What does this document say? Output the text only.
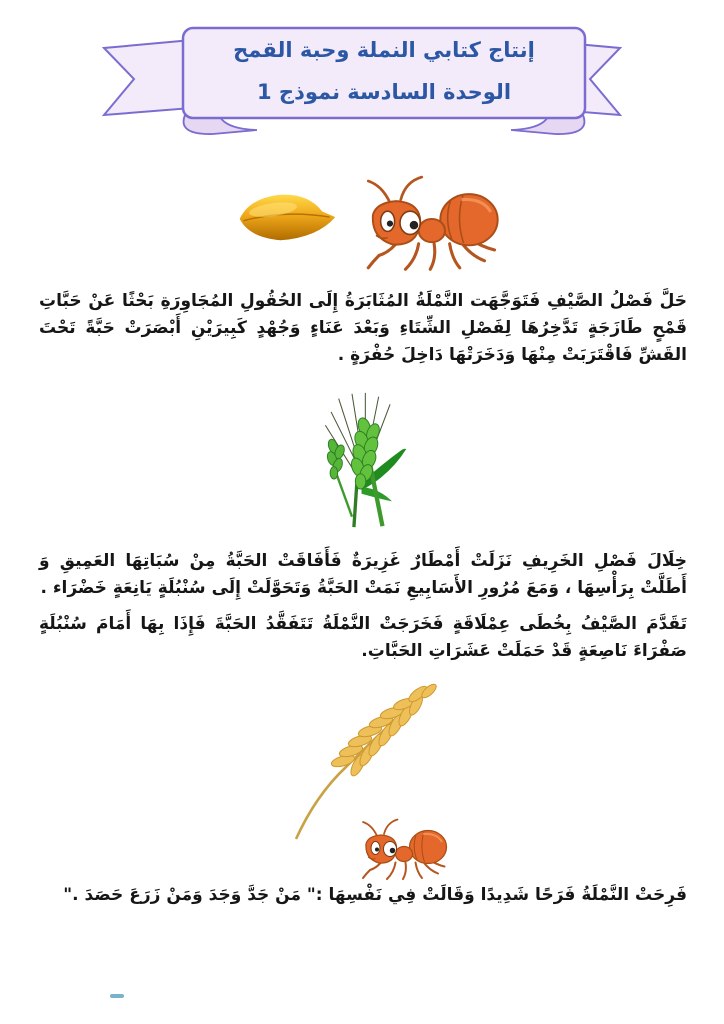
إنتاج كتابي النملة وحبة القمح
الوحدة السادسة نموذج 1

حَلَّ فَصْلُ الصَّيْفِ فَتَوَجَّهَت النَّمْلَةُ المُثَابَرَةُ إِلَى الحُقُولِ المُجَاوِرَةِ بَحْثًا عَنْ حَبَّاتِ قَمْحٍ طَازَجَةٍ تَدَّخِرُهَا لِفَصْلِ الشِّتَاءِ وَبَعْدَ عَنَاءٍ وَجُهْدٍ كَبِيرَيْنِ أَبْصَرَتْ حَبَّةً تَحْتَ القَشِّ فَاقْتَرَبَتْ مِنْهَا وَدَخَرَتْهَا دَاخِلَ حُفْرَةٍ .

خِلَالَ فَصْلِ الخَرِيفِ نَزَلَتْ أَمْطَارٌ غَزِيرَةٌ فَأَفَاقَتْ الحَبَّةُ مِنْ سُبَاتِهَا العَمِيقِ وَ أَطَلَّتْ بِرَأْسِهَا ، وَمَعَ مُرُورِ الأَسَابِيعِ نَمَتْ الحَبَّةُ وَتَحَوَّلَتْ إِلَى سُنْبُلَةٍ يَانِعَةٍ خَضْرَاء .

تَقَدَّمَ الصَّيْفُ بِخُطَى عِمْلَاقَةٍ فَخَرَجَتْ النَّمْلَةُ تَتَفَقَّدُ الحَبَّةَ فَإِذَا بِهَا أَمَامَ سُنْبُلَةٍ صَفْرَاءَ نَاصِعَةٍ قَدْ حَمَلَتْ عَشَرَاتِ الحَبَّاتِ.

فَرِحَتْ النَّمْلَةُ فَرَحًا شَدِيدًا وَقَالَتْ فِي نَفْسِهَا :" مَنْ جَدَّ وَجَدَ وَمَنْ زَرَعَ حَصَدَ ."
